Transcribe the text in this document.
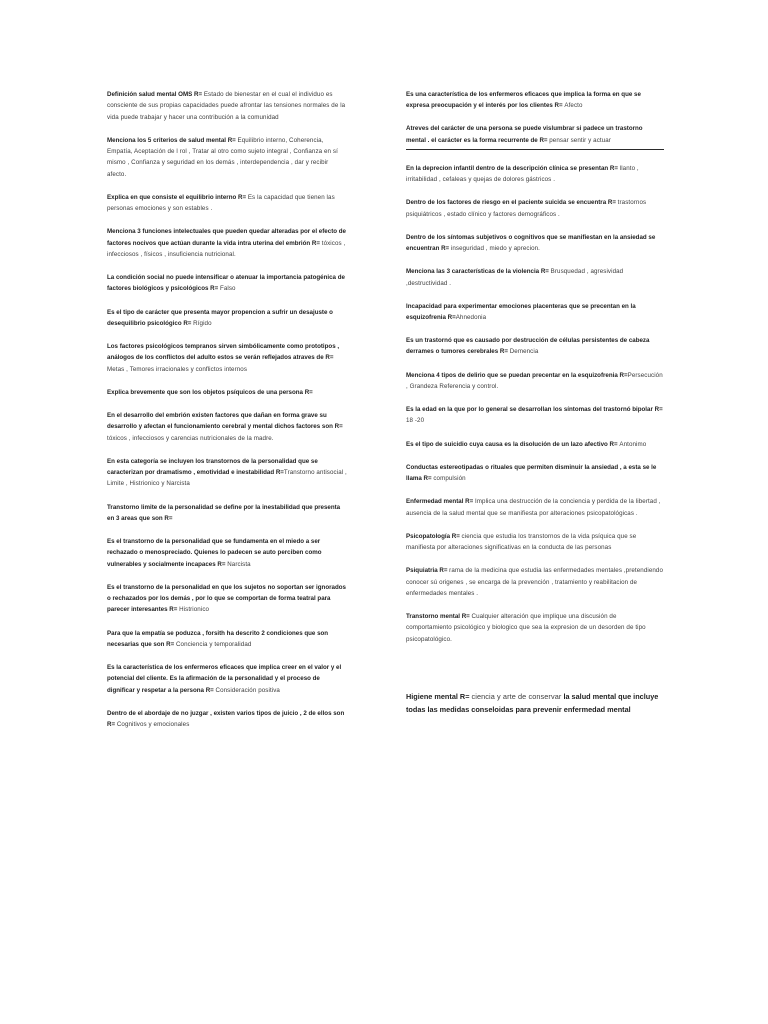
Definición salud mental OMS R= Estado de bienestar en el cual el individuo es consciente de sus propias capacidades puede afrontar las tensiones normales de la vida puede trabajar y hacer una contribución a la comunidad

Menciona los 5 criterios de salud mental R= Equilibrio interno, Coherencia, Empatía, Aceptación de l rol , Tratar al otro como sujeto integral , Confianza en sí mismo , Confianza y seguridad en los demás , interdependencia , dar y recibir afecto.

Explica en que consiste el equilibrio interno R= Es la capacidad que tienen las personas emociones y son estables .

Menciona 3 funciones intelectuales que pueden quedar alteradas por el efecto de factores nocivos que actúan durante la vida intra uterina del embrión R= tóxicos , infecciosos , físicos , insuficiencia nutricional.

La condición social no puede intensificar o atenuar la importancia patogénica de factores biológicos y psicológicos R= Falso

Es el tipo de carácter que presenta mayor propencion a sufrir un desajuste o desequilibrio psicológico R= Rígido

Los factores psicológicos tempranos sirven simbólicamente como prototipos , análogos de los conflictos del adulto estos se verán reflejados atraves de R= Metas , Temores irracionales y conflictos internos

Explica brevemente que son los objetos psíquicos de una persona R=

En el desarrollo del embrión existen factores que dañan en forma grave su desarrollo y afectan el funcionamiento cerebral y mental dichos factores son R= tóxicos , infecciosos y carencias nutricionales de la madre.

En esta categoría se incluyen los transtornos de la personalidad que se caracterizan por dramatismo , emotividad e inestabilidad R=Transtorno antisocial , Limite , Histrionico y Narcista

Transtorno limite de la personalidad se define por la inestabilidad que presenta en 3 areas que son R=

Es el transtorno de la personalidad que se fundamenta en el miedo a ser rechazado o menospreciado. Quienes lo padecen se auto perciben como vulnerables y socialmente incapaces R= Narcista

Es el transtorno de la personalidad en que los sujetos no soportan ser ignorados o rechazados por los demás , por lo que se comportan de forma teatral para parecer interesantes R= Histrionico

Para que la empatía se poduzca , forsith ha descrito 2 condiciones que son necesarias que son R= Conciencia y temporalidad

Es la característica de los enfermeros eficaces que implica creer en el valor y el potencial del cliente. Es la afirmación de la personalidad y el proceso de dignificar y respetar a la persona R= Consideración positiva

Dentro de el abordaje de no juzgar , existen varios tipos de juicio , 2 de ellos son R= Cognitivos y emocionales

Es una característica de los enfermeros eficaces que implica la forma en que se expresa preocupación y el interés por los clientes R= Afecto

Atreves del carácter de una persona se puede vislumbrar si padece un trastorno mental . el carácter es la forma recurrente de R= pensar sentir y actuar

En la deprecion infantil dentro de la descripción clínica se presentan R= llanto , irritabilidad , cefaleas y quejas de dolores gástricos .

Dentro de los factores de riesgo en el paciente suicida se encuentra R= trastornos psiquiátricos , estado clínico y factores demográficos .

Dentro de los síntomas subjetivos o cognitivos que se manifiestan en la ansiedad se encuentran R= inseguridad , miedo y aprecion.

Menciona las 3 características de la violencia R= Brusquedad , agresividad ,destructividad .

Incapacidad para experimentar emociones placenteras que se precentan en la esquizofrenia R=Ahnedonia

Es un trastornó que es causado por destrucción de células persistentes de cabeza derrames o tumores cerebrales R= Demencia

Menciona 4 tipos de delirio que se puedan precentar en la esquizofrenia R=Persecución , Grandeza Referencia y control.

Es la edad en la que por lo general se desarrollan los síntomas del trastornó bipolar R= 18 -20

Es el tipo de suicidio cuya causa es la disolución de un lazo afectivo R= Antonimo

Conductas estereotipadas o rituales que permiten disminuir la ansiedad , a esta se le llama R= compulsión

Enfermedad mental R= Implica una destrucción de la conciencia y perdida de la libertad , ausencia de la salud mental que se manifiesta por alteraciones psicopatológicas .

Psicopatología R= ciencia que estudia los transtornos de la vida psíquica que se manifiesta por alteraciones significativas en la conducta de las personas

Psiquiatria R= rama de la medicina que estudia las enfermedades mentales ,pretendiendo conocer sú origenes , se encarga de la prevención , tratamiento y reabilitacion de enfermedades mentales .

Transtorno mental R= Cualquier alteración que implique una discusión de comportamiento psicológico y biologico que sea la expresion de un desorden de tipo psicopatológico.

Higiene mental R= ciencia y arte de conservar la salud mental que incluye todas las medidas conseloidas para prevenir enfermedad mental
